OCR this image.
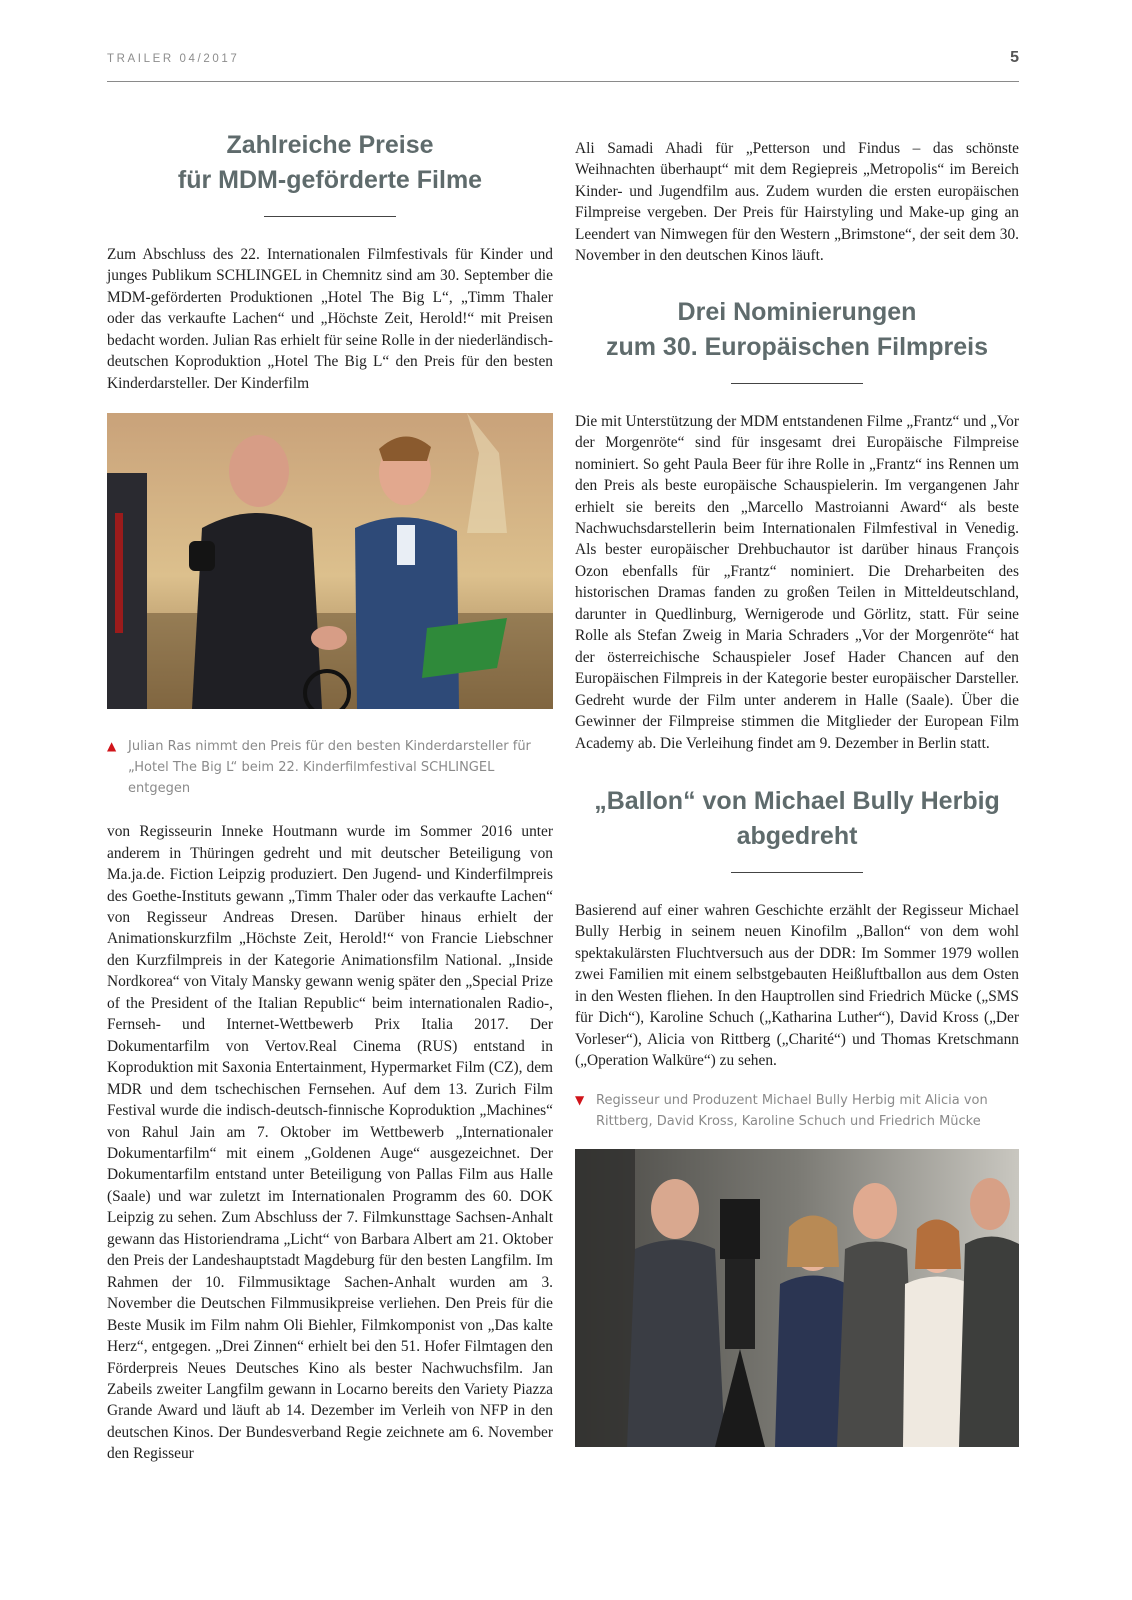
TRAILER 04/2017	5
Zahlreiche Preise
für MDM-geförderte Filme

Zum Abschluss des 22. Internationalen Filmfestivals für Kinder und junges Publikum SCHLINGEL in Chemnitz sind am 30. September die MDM-geförderten Produktionen „Hotel The Big L“, „Timm Thaler oder das verkaufte Lachen“ und „Höchste Zeit, Herold!“ mit Preisen bedacht worden. Julian Ras erhielt für seine Rolle in der niederländisch-deutschen Koproduktion „Hotel The Big L“ den Preis für den besten Kinderdarsteller. Der Kinderfilm

▲ Julian Ras nimmt den Preis für den besten Kinderdarsteller für „Hotel The Big L“ beim 22. Kinderfilmfestival SCHLINGEL entgegen

von Regisseurin Inneke Houtmann wurde im Sommer 2016 unter anderem in Thüringen gedreht und mit deutscher Beteiligung von Ma.ja.de. Fiction Leipzig produziert. Den Jugend- und Kinderfilmpreis des Goethe-Instituts gewann „Timm Thaler oder das verkaufte Lachen“ von Regisseur Andreas Dresen. Darüber hinaus erhielt der Animationskurzfilm „Höchste Zeit, Herold!“ von Francie Liebschner den Kurzfilmpreis in der Kategorie Animationsfilm National. „Inside Nordkorea“ von Vitaly Mansky gewann wenig später den „Special Prize of the President of the Italian Republic“ beim internationalen Radio-, Fernseh- und Internet-Wettbewerb Prix Italia 2017. Der Dokumentarfilm von Vertov.Real Cinema (RUS) entstand in Koproduktion mit Saxonia Entertainment, Hypermarket Film (CZ), dem MDR und dem tschechischen Fernsehen. Auf dem 13. Zurich Film Festival wurde die indisch-deutsch-finnische Koproduktion „Machines“ von Rahul Jain am 7. Oktober im Wettbewerb „Internationaler Dokumentarfilm“ mit einem „Goldenen Auge“ ausgezeichnet. Der Dokumentarfilm entstand unter Beteiligung von Pallas Film aus Halle (Saale) und war zuletzt im Internationalen Programm des 60. DOK Leipzig zu sehen. Zum Abschluss der 7. Filmkunsttage Sachsen-Anhalt gewann das Historiendrama „Licht“ von Barbara Albert am 21. Oktober den Preis der Landeshauptstadt Magdeburg für den besten Langfilm. Im Rahmen der 10. Filmmusiktage Sachen-Anhalt wurden am 3. November die Deutschen Filmmusikpreise verliehen. Den Preis für die Beste Musik im Film nahm Oli Biehler, Filmkomponist von „Das kalte Herz“, entgegen. „Drei Zinnen“ erhielt bei den 51. Hofer Filmtagen den Förderpreis Neues Deutsches Kino als bester Nachwuchsfilm. Jan Zabeils zweiter Langfilm gewann in Locarno bereits den Variety Piazza Grande Award und läuft ab 14. Dezember im Verleih von NFP in den deutschen Kinos. Der Bundesverband Regie zeichnete am 6. November den Regisseur

Ali Samadi Ahadi für „Petterson und Findus – das schönste Weihnachten überhaupt“ mit dem Regiepreis „Metropolis“ im Bereich Kinder- und Jugendfilm aus. Zudem wurden die ersten europäischen Filmpreise vergeben. Der Preis für Hairstyling und Make-up ging an Leendert van Nimwegen für den Western „Brimstone“, der seit dem 30. November in den deutschen Kinos läuft.

Drei Nominierungen
zum 30. Europäischen Filmpreis

Die mit Unterstützung der MDM entstandenen Filme „Frantz“ und „Vor der Morgenröte“ sind für insgesamt drei Europäische Filmpreise nominiert. So geht Paula Beer für ihre Rolle in „Frantz“ ins Rennen um den Preis als beste europäische Schauspielerin. Im vergangenen Jahr erhielt sie bereits den „Marcello Mastroianni Award“ als beste Nachwuchsdarstellerin beim Internationalen Filmfestival in Venedig. Als bester europäischer Drehbuchautor ist darüber hinaus François Ozon ebenfalls für „Frantz“ nominiert. Die Dreharbeiten des historischen Dramas fanden zu großen Teilen in Mitteldeutschland, darunter in Quedlinburg, Wernigerode und Görlitz, statt. Für seine Rolle als Stefan Zweig in Maria Schraders „Vor der Morgenröte“ hat der österreichische Schauspieler Josef Hader Chancen auf den Europäischen Filmpreis in der Kategorie bester europäischer Darsteller. Gedreht wurde der Film unter anderem in Halle (Saale). Über die Gewinner der Filmpreise stimmen die Mitglieder der European Film Academy ab. Die Verleihung findet am 9. Dezember in Berlin statt.

„Ballon“ von Michael Bully Herbig
abgedreht

Basierend auf einer wahren Geschichte erzählt der Regisseur Michael Bully Herbig in seinem neuen Kinofilm „Ballon“ von dem wohl spektakulärsten Fluchtversuch aus der DDR: Im Sommer 1979 wollen zwei Familien mit einem selbstgebauten Heißluftballon aus dem Osten in den Westen fliehen. In den Hauptrollen sind Friedrich Mücke („SMS für Dich“), Karoline Schuch („Katharina Luther“), David Kross („Der Vorleser“), Alicia von Rittberg („Charité“) und Thomas Kretschmann („Operation Walküre“) zu sehen.

▼ Regisseur und Produzent Michael Bully Herbig mit Alicia von Rittberg, David Kross, Karoline Schuch und Friedrich Mücke
